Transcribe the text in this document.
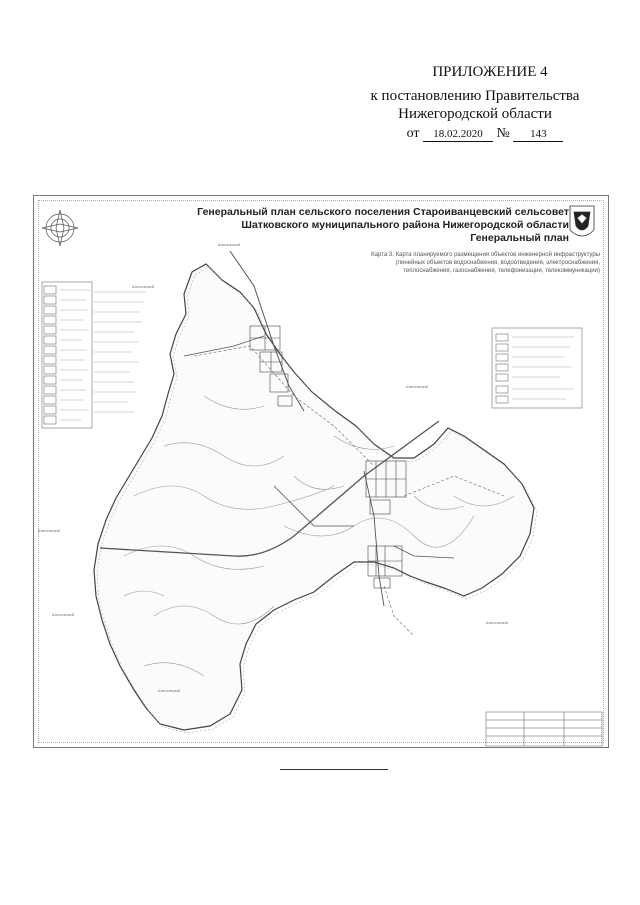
ПРИЛОЖЕНИЕ 4
к постановлению Правительства
Нижегородской области
от 18.02.2020 № 143
Шатковский
Шатковский
Шатковский
Шатковский
Шатковский
Шатковский
Шатковский
Генеральный план сельского поселения Староиванцевский сельсовет
Шатковского муниципального района Нижегородской области
Генеральный план
Карта 3. Карта планируемого размещения объектов инженерной инфраструктуры (линейных объектов водоснабжения, водоотведения, электроснабжения, теплоснабжения, газоснабжения, телефонизации, телекоммуникации)
